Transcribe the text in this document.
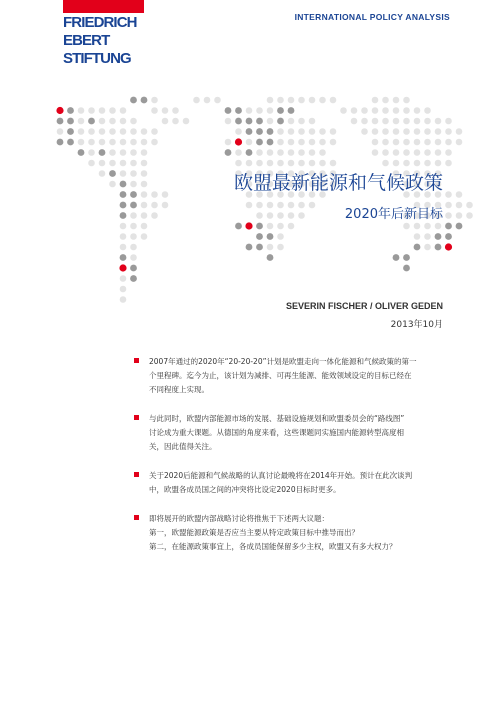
FRIEDRICH
EBERT
STIFTUNG
INTERNATIONAL POLICY ANALYSIS
欧盟最新能源和气候政策
2020年后新目标
SEVERIN FISCHER / OLIVER GEDEN
2013年10月
2007年通过的2020年“20-20-20”计划是欧盟走向一体化能源和气候政策的第一
个里程碑。迄今为止，该计划为减排、可再生能源、能效领域设定的目标已经在
不同程度上实现。
与此同时，欧盟内部能源市场的发展、基础设施规划和欧盟委员会的“路线图”
讨论成为重大课题。从德国的角度来看，这些课题同实施国内能源转型高度相
关，因此值得关注。
关于2020后能源和气候战略的认真讨论最晚将在2014年开始。预计在此次谈判
中，欧盟各成员国之间的冲突将比设定2020目标时更多。
即将展开的欧盟内部战略讨论将推焦于下述两大议题：
第一，欧盟能源政策是否应当主要从特定政策目标中推导而出？
第二，在能源政策事宜上，各成员国能保留多少主权，欧盟又有多大权力？
